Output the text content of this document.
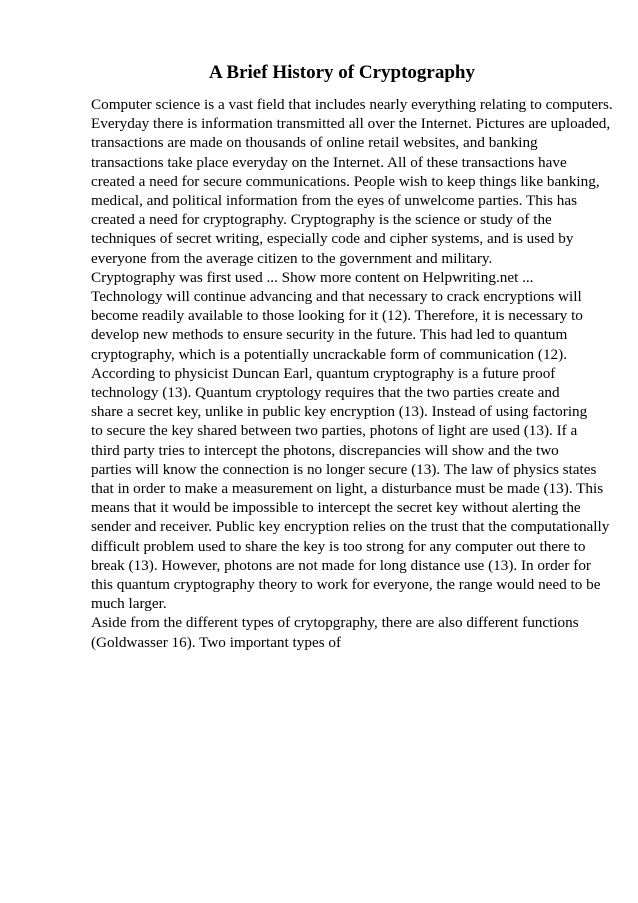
A Brief History of Cryptography
Computer science is a vast field that includes nearly everything relating to computers.
Everyday there is information transmitted all over the Internet. Pictures are uploaded,
transactions are made on thousands of online retail websites, and banking
transactions take place everyday on the Internet. All of these transactions have
created a need for secure communications. People wish to keep things like banking,
medical, and political information from the eyes of unwelcome parties. This has
created a need for cryptography. Cryptography is the science or study of the
techniques of secret writing, especially code and cipher systems, and is used by
everyone from the average citizen to the government and military.
Cryptography was first used ... Show more content on Helpwriting.net ...
Technology will continue advancing and that necessary to crack encryptions will
become readily available to those looking for it (12). Therefore, it is necessary to
develop new methods to ensure security in the future. This had led to quantum
cryptography, which is a potentially uncrackable form of communication (12).
According to physicist Duncan Earl, quantum cryptography is a future proof
technology (13). Quantum cryptology requires that the two parties create and
share a secret key, unlike in public key encryption (13). Instead of using factoring
to secure the key shared between two parties, photons of light are used (13). If a
third party tries to intercept the photons, discrepancies will show and the two
parties will know the connection is no longer secure (13). The law of physics states
that in order to make a measurement on light, a disturbance must be made (13). This
means that it would be impossible to intercept the secret key without alerting the
sender and receiver. Public key encryption relies on the trust that the computationally
difficult problem used to share the key is too strong for any computer out there to
break (13). However, photons are not made for long distance use (13). In order for
this quantum cryptography theory to work for everyone, the range would need to be
much larger.
Aside from the different types of crytopgraphy, there are also different functions
(Goldwasser 16). Two important types of
